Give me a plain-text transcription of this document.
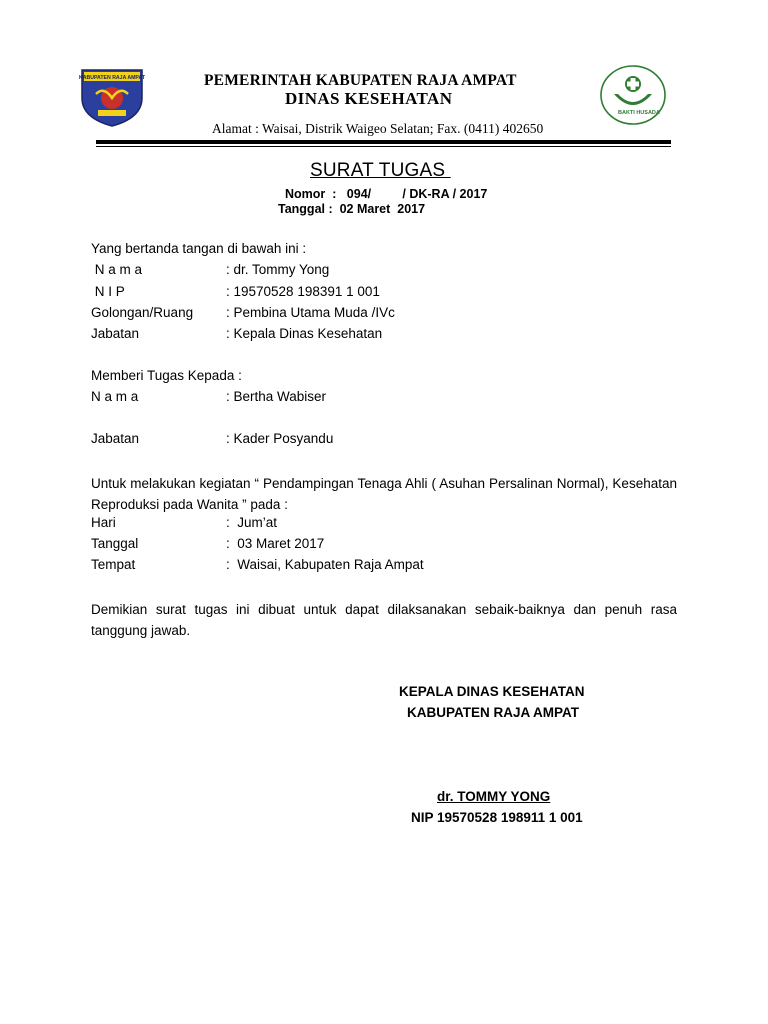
KABUPATEN RAJA AMPAT
BAKTI HUSADA
PEMERINTAH KABUPATEN RAJA AMPAT
DINAS KESEHATAN
Alamat : Waisai, Distrik Waigeo Selatan; Fax. (0411) 402650
SURAT TUGAS
Nomor  :   094/         / DK-RA / 2017
Tanggal :  02 Maret  2017
Yang bertanda tangan di bawah ini :
N a m a	: dr. Tommy Yong
N I P	: 19570528 198391 1 001
Golongan/Ruang : Pembina Utama Muda /IVc
Jabatan	: Kepala Dinas Kesehatan
Memberi Tugas Kepada :
N a m a	: Bertha Wabiser
Jabatan	: Kader Posyandu
Untuk melakukan kegiatan “ Pendampingan Tenaga Ahli ( Asuhan Persalinan Normal), Kesehatan Reproduksi pada Wanita ” pada :
Hari	:  Jum’at
Tanggal	:  03 Maret 2017
Tempat	:  Waisai, Kabupaten Raja Ampat
Demikian surat tugas ini dibuat untuk dapat dilaksanakan sebaik-baiknya dan penuh rasa tanggung jawab.
KEPALA DINAS KESEHATAN
KABUPATEN RAJA AMPAT
dr. TOMMY YONG
NIP 19570528 198911 1 001
